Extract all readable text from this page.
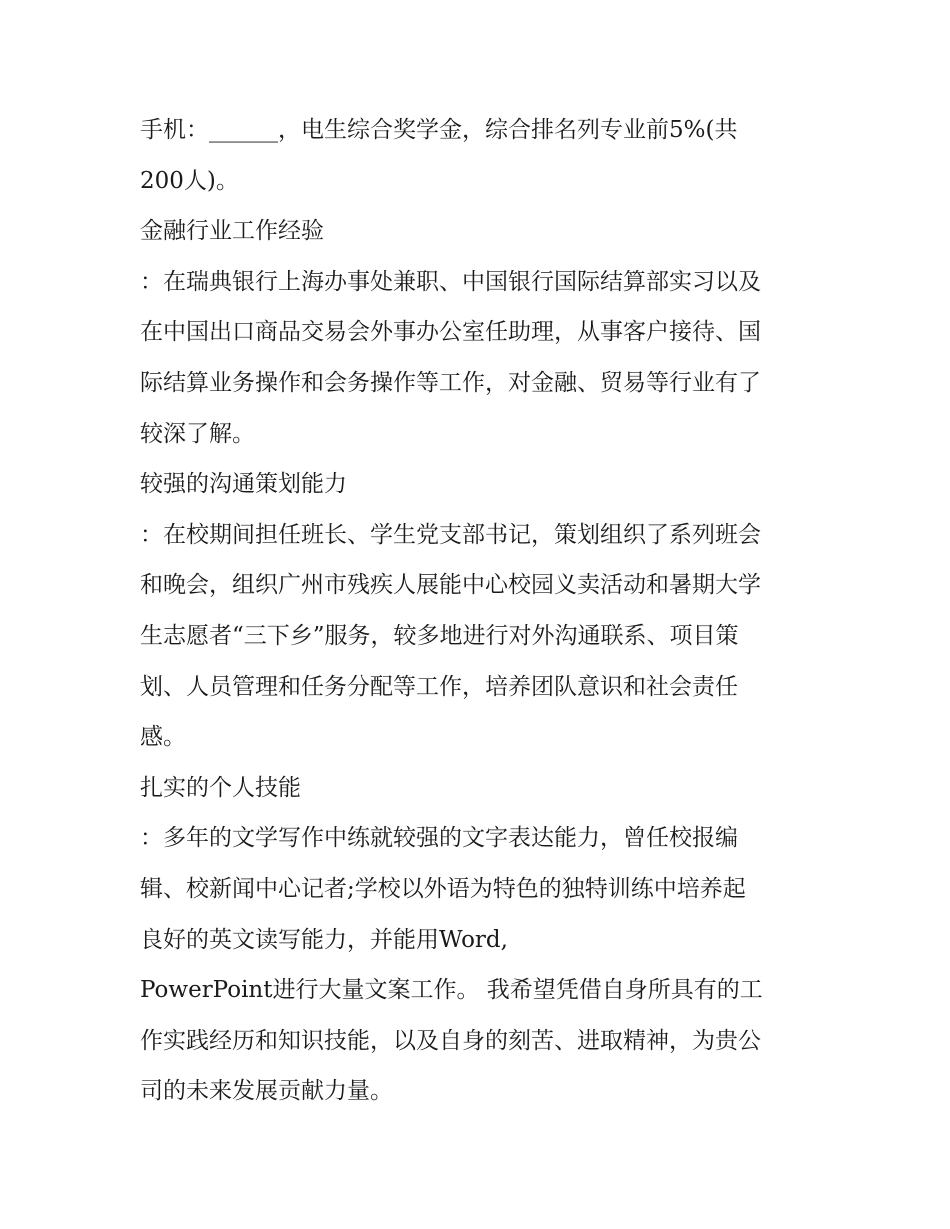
手机：______，电生综合奖学金，综合排名列专业前5%(共
200人)。
金融行业工作经验
：在瑞典银行上海办事处兼职、中国银行国际结算部实习以及
在中国出口商品交易会外事办公室任助理，从事客户接待、国
际结算业务操作和会务操作等工作，对金融、贸易等行业有了
较深了解。
较强的沟通策划能力
：在校期间担任班长、学生党支部书记，策划组织了系列班会
和晚会，组织广州市残疾人展能中心校园义卖活动和暑期大学
生志愿者“三下乡”服务，较多地进行对外沟通联系、项目策
划、人员管理和任务分配等工作，培养团队意识和社会责任
感。
扎实的个人技能
：多年的文学写作中练就较强的文字表达能力，曾任校报编
辑、校新闻中心记者;学校以外语为特色的独特训练中培养起
良好的英文读写能力，并能用Word,
PowerPoint进行大量文案工作。 我希望凭借自身所具有的工
作实践经历和知识技能，以及自身的刻苦、进取精神，为贵公
司的未来发展贡献力量。
